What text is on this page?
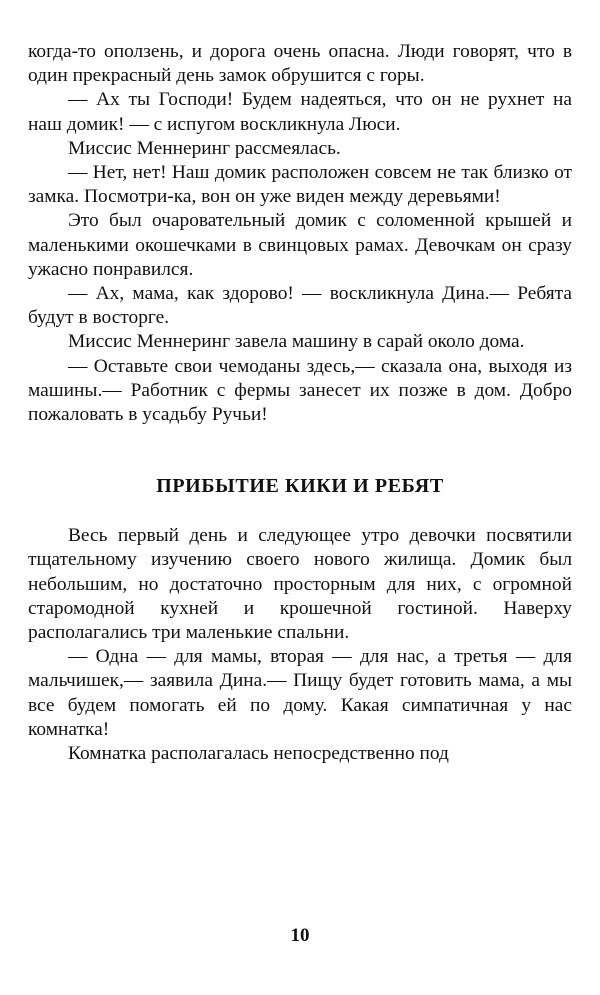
когда-то оползень, и дорога очень опасна. Люди говорят, что в один прекрасный день замок обрушится с горы.

— Ах ты Господи! Будем надеяться, что он не рухнет на наш домик! — с испугом воскликнула Люси.

Миссис Меннеринг рассмеялась.

— Нет, нет! Наш домик расположен совсем не так близко от замка. Посмотри-ка, вон он уже виден между деревьями!

Это был очаровательный домик с соломенной крышей и маленькими окошечками в свинцовых рамах. Девочкам он сразу ужасно понравился.

— Ах, мама, как здорово! — воскликнула Дина.— Ребята будут в восторге.

Миссис Меннеринг завела машину в сарай около дома.

— Оставьте свои чемоданы здесь,— сказала она, выходя из машины.— Работник с фермы занесет их позже в дом. Добро пожаловать в усадьбу Ручьи!

ПРИБЫТИЕ КИКИ И РЕБЯТ

Весь первый день и следующее утро девочки посвятили тщательному изучению своего нового жилища. Домик был небольшим, но достаточно просторным для них, с огромной старомодной кухней и крошечной гостиной. Наверху располагались три маленькие спальни.

— Одна — для мамы, вторая — для нас, а третья — для мальчишек,— заявила Дина.— Пищу будет готовить мама, а мы все будем помогать ей по дому. Какая симпатичная у нас комнатка!

Комнатка располагалась непосредственно под

10
